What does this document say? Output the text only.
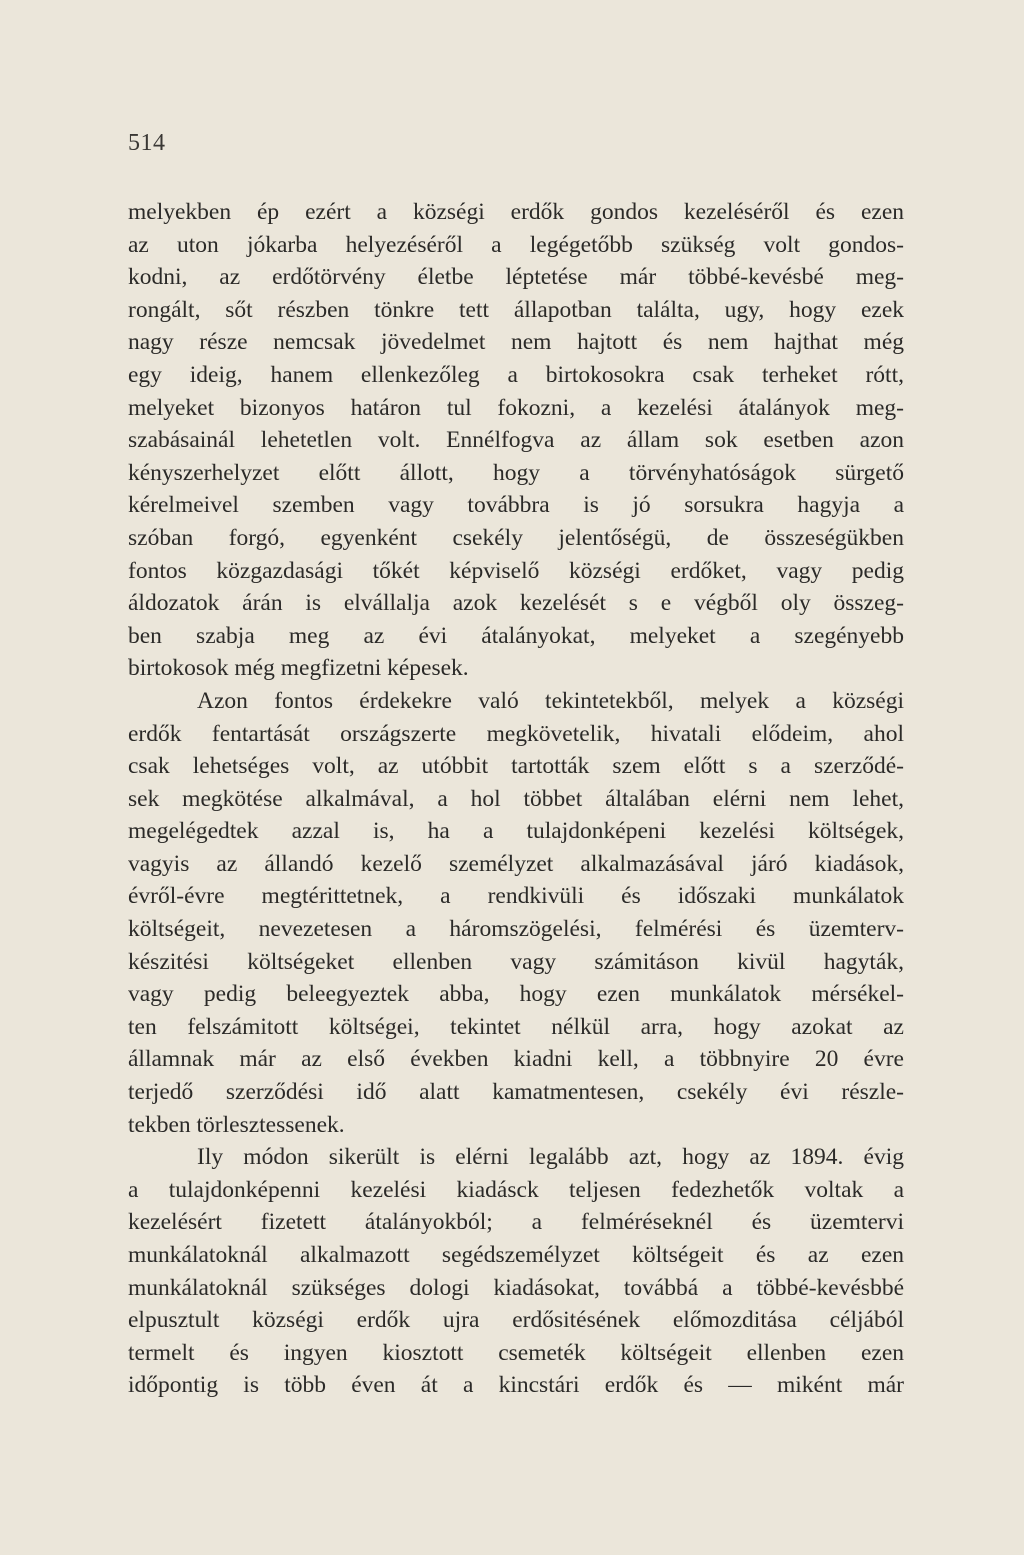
514
melyekben ép ezért a községi erdők gondos kezeléséről és ezen
az uton jókarba helyezéséről a legégetőbb szükség volt gondos-
kodni, az erdőtörvény életbe léptetése már többé-kevésbé meg-
rongált, sőt részben tönkre tett állapotban találta, ugy, hogy ezek
nagy része nemcsak jövedelmet nem hajtott és nem hajthat még
egy ideig, hanem ellenkezőleg a birtokosokra csak terheket rótt,
melyeket bizonyos határon tul fokozni, a kezelési átalányok meg-
szabásainál lehetetlen volt. Ennélfogva az állam sok esetben azon
kényszerhelyzet előtt állott, hogy a törvényhatóságok sürgető
kérelmeivel szemben vagy továbbra is jó sorsukra hagyja a
szóban forgó, egyenként csekély jelentőségü, de összeségükben
fontos közgazdasági tőkét képviselő községi erdőket, vagy pedig
áldozatok árán is elvállalja azok kezelését s e végből oly összeg-
ben szabja meg az évi átalányokat, melyeket a szegényebb
birtokosok még megfizetni képesek.
Azon fontos érdekekre való tekintetekből, melyek a községi
erdők fentartását országszerte megkövetelik, hivatali elődeim, ahol
csak lehetséges volt, az utóbbit tartották szem előtt s a szerződé-
sek megkötése alkalmával, a hol többet általában elérni nem lehet,
megelégedtek azzal is, ha a tulajdonképeni kezelési költségek,
vagyis az állandó kezelő személyzet alkalmazásával járó kiadások,
évről-évre megtérittetnek, a rendkivüli és időszaki munkálatok
költségeit, nevezetesen a háromszögelési, felmérési és üzemterv-
készitési költségeket ellenben vagy számitáson kivül hagyták,
vagy pedig beleegyeztek abba, hogy ezen munkálatok mérsékel-
ten felszámitott költségei, tekintet nélkül arra, hogy azokat az
államnak már az első években kiadni kell, a többnyire 20 évre
terjedő szerződési idő alatt kamatmentesen, csekély évi részle-
tekben törlesztessenek.
Ily módon sikerült is elérni legalább azt, hogy az 1894. évig
a tulajdonképenni kezelési kiadásck teljesen fedezhetők voltak a
kezelésért fizetett átalányokból; a felméréseknél és üzemtervi
munkálatoknál alkalmazott segédszemélyzet költségeit és az ezen
munkálatoknál szükséges dologi kiadásokat, továbbá a többé-kevésbbé
elpusztult községi erdők ujra erdősitésének előmozditása céljából
termelt és ingyen kiosztott csemeték költségeit ellenben ezen
időpontig is több éven át a kincstári erdők és — miként már
